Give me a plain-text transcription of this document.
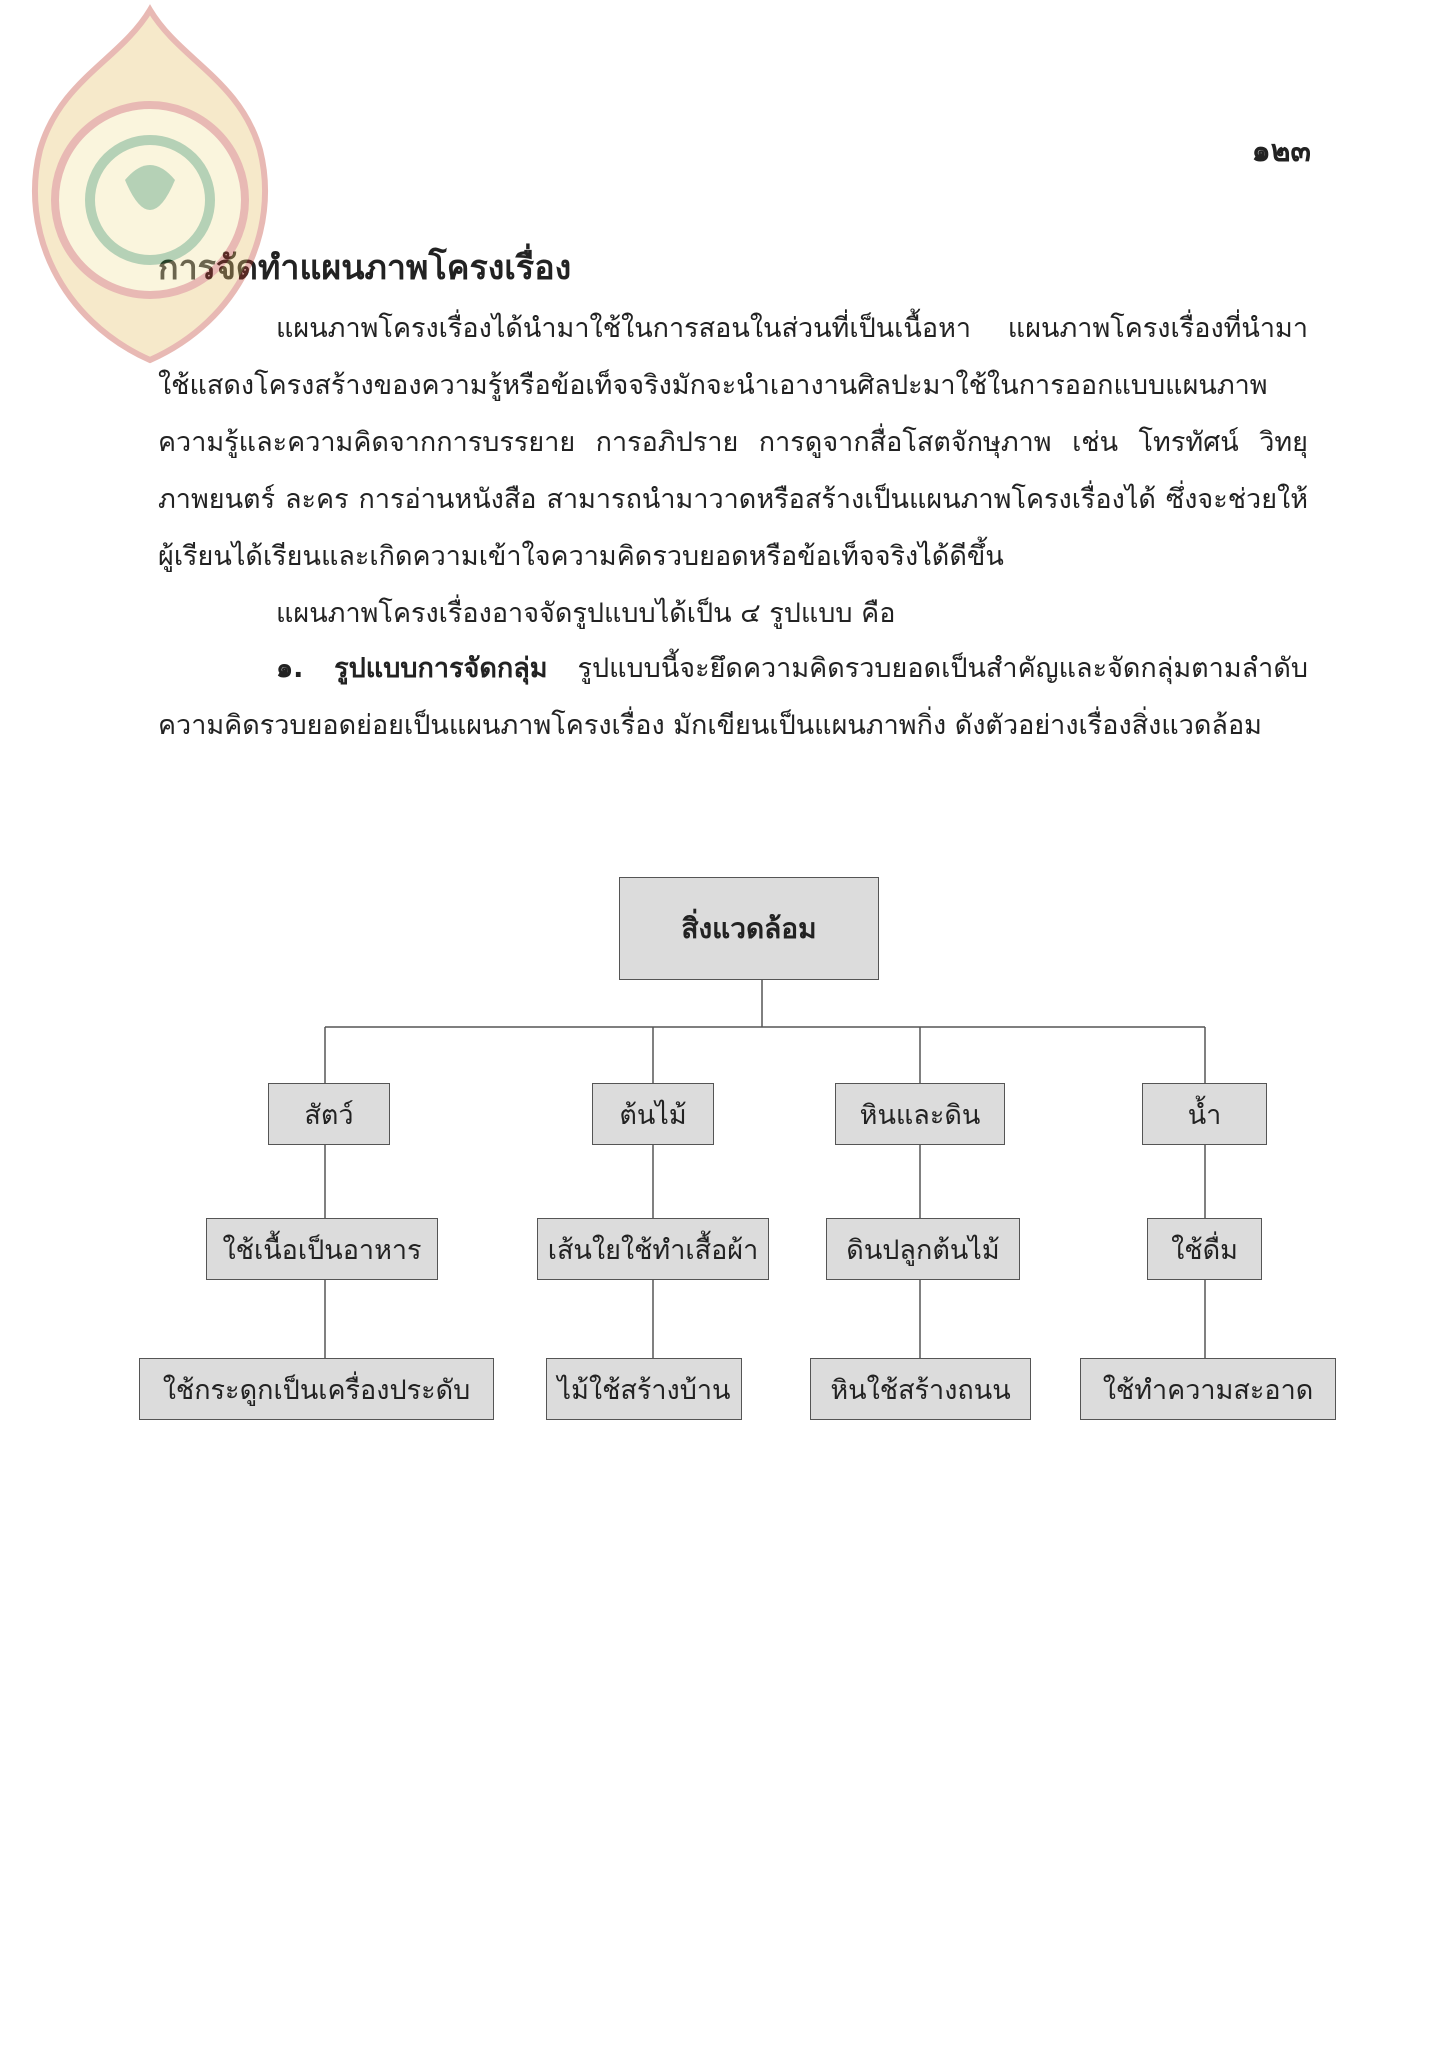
๑๒๓
การจัดทำแผนภาพโครงเรื่อง

แผนภาพโครงเรื่องได้นำมาใช้ในการสอนในส่วนที่เป็นเนื้อหา แผนภาพโครงเรื่องที่นำมาใช้แสดงโครงสร้างของความรู้หรือข้อเท็จจริงมักจะนำเอางานศิลปะมาใช้ในการออกแบบแผนภาพความรู้และความคิดจากการบรรยาย การอภิปราย การดูจากสื่อโสตจักษุภาพ เช่น โทรทัศน์ วิทยุ ภาพยนตร์ ละคร การอ่านหนังสือ สามารถนำมาวาดหรือสร้างเป็นแผนภาพโครงเรื่องได้ ซึ่งจะช่วยให้ผู้เรียนได้เรียนและเกิดความเข้าใจความคิดรวบยอดหรือข้อเท็จจริงได้ดีขึ้น

แผนภาพโครงเรื่องอาจจัดรูปแบบได้เป็น ๔ รูปแบบ คือ

๑. รูปแบบการจัดกลุ่ม รูปแบบนี้จะยึดความคิดรวบยอดเป็นสำคัญและจัดกลุ่มตามลำดับความคิดรวบยอดย่อยเป็นแผนภาพโครงเรื่อง มักเขียนเป็นแผนภาพกิ่ง ดังตัวอย่างเรื่องสิ่งแวดล้อม

สิ่งแวดล้อม
สัตว์	ต้นไม้	หินและดิน	น้ำ
ใช้เนื้อเป็นอาหาร	เส้นใยใช้ทำเสื้อผ้า	ดินปลูกต้นไม้	ใช้ดื่ม
ใช้กระดูกเป็นเครื่องประดับ	ไม้ใช้สร้างบ้าน	หินใช้สร้างถนน	ใช้ทำความสะอาด
